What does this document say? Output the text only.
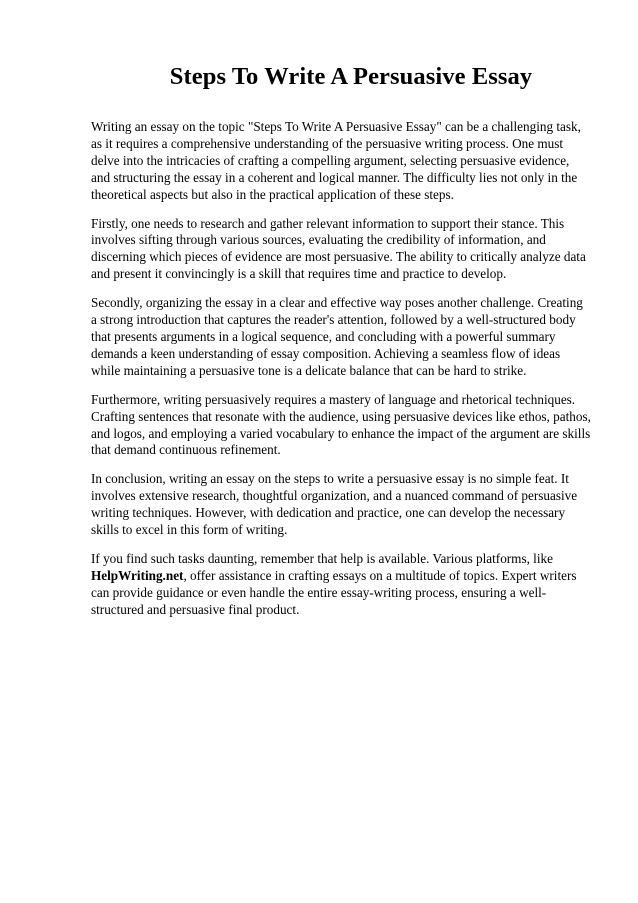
Steps To Write A Persuasive Essay

Writing an essay on the topic "Steps To Write A Persuasive Essay" can be a challenging task, as it requires a comprehensive understanding of the persuasive writing process. One must delve into the intricacies of crafting a compelling argument, selecting persuasive evidence, and structuring the essay in a coherent and logical manner. The difficulty lies not only in the theoretical aspects but also in the practical application of these steps.

Firstly, one needs to research and gather relevant information to support their stance. This involves sifting through various sources, evaluating the credibility of information, and discerning which pieces of evidence are most persuasive. The ability to critically analyze data and present it convincingly is a skill that requires time and practice to develop.

Secondly, organizing the essay in a clear and effective way poses another challenge. Creating a strong introduction that captures the reader's attention, followed by a well-structured body that presents arguments in a logical sequence, and concluding with a powerful summary demands a keen understanding of essay composition. Achieving a seamless flow of ideas while maintaining a persuasive tone is a delicate balance that can be hard to strike.

Furthermore, writing persuasively requires a mastery of language and rhetorical techniques. Crafting sentences that resonate with the audience, using persuasive devices like ethos, pathos, and logos, and employing a varied vocabulary to enhance the impact of the argument are skills that demand continuous refinement.

In conclusion, writing an essay on the steps to write a persuasive essay is no simple feat. It involves extensive research, thoughtful organization, and a nuanced command of persuasive writing techniques. However, with dedication and practice, one can develop the necessary skills to excel in this form of writing.

If you find such tasks daunting, remember that help is available. Various platforms, like HelpWriting.net, offer assistance in crafting essays on a multitude of topics. Expert writers can provide guidance or even handle the entire essay-writing process, ensuring a well-structured and persuasive final product.
